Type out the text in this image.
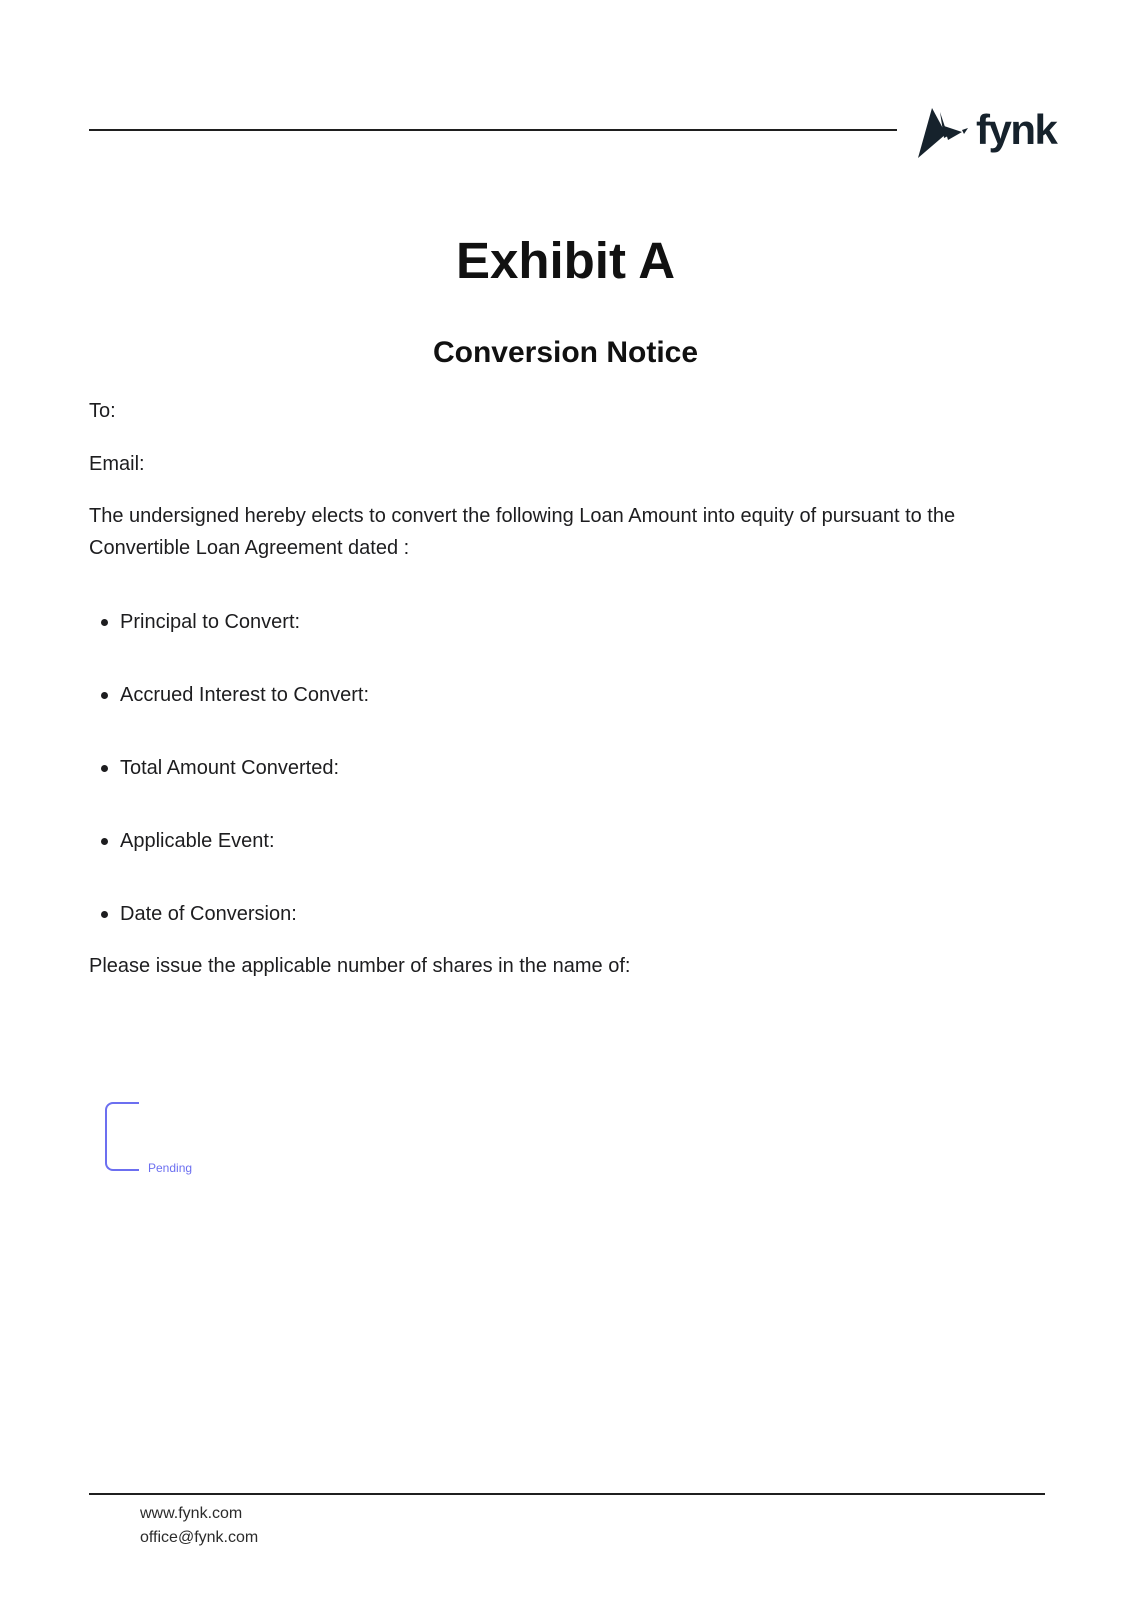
fynk
Exhibit A
Conversion Notice

To:

Email:

The undersigned hereby elects to convert the following Loan Amount into equity of pursuant to the Convertible Loan Agreement dated :

Principal to Convert:
Accrued Interest to Convert:
Total Amount Converted:
Applicable Event:
Date of Conversion:

Please issue the applicable number of shares in the name of:

Pending
www.fynk.com
office@fynk.com
